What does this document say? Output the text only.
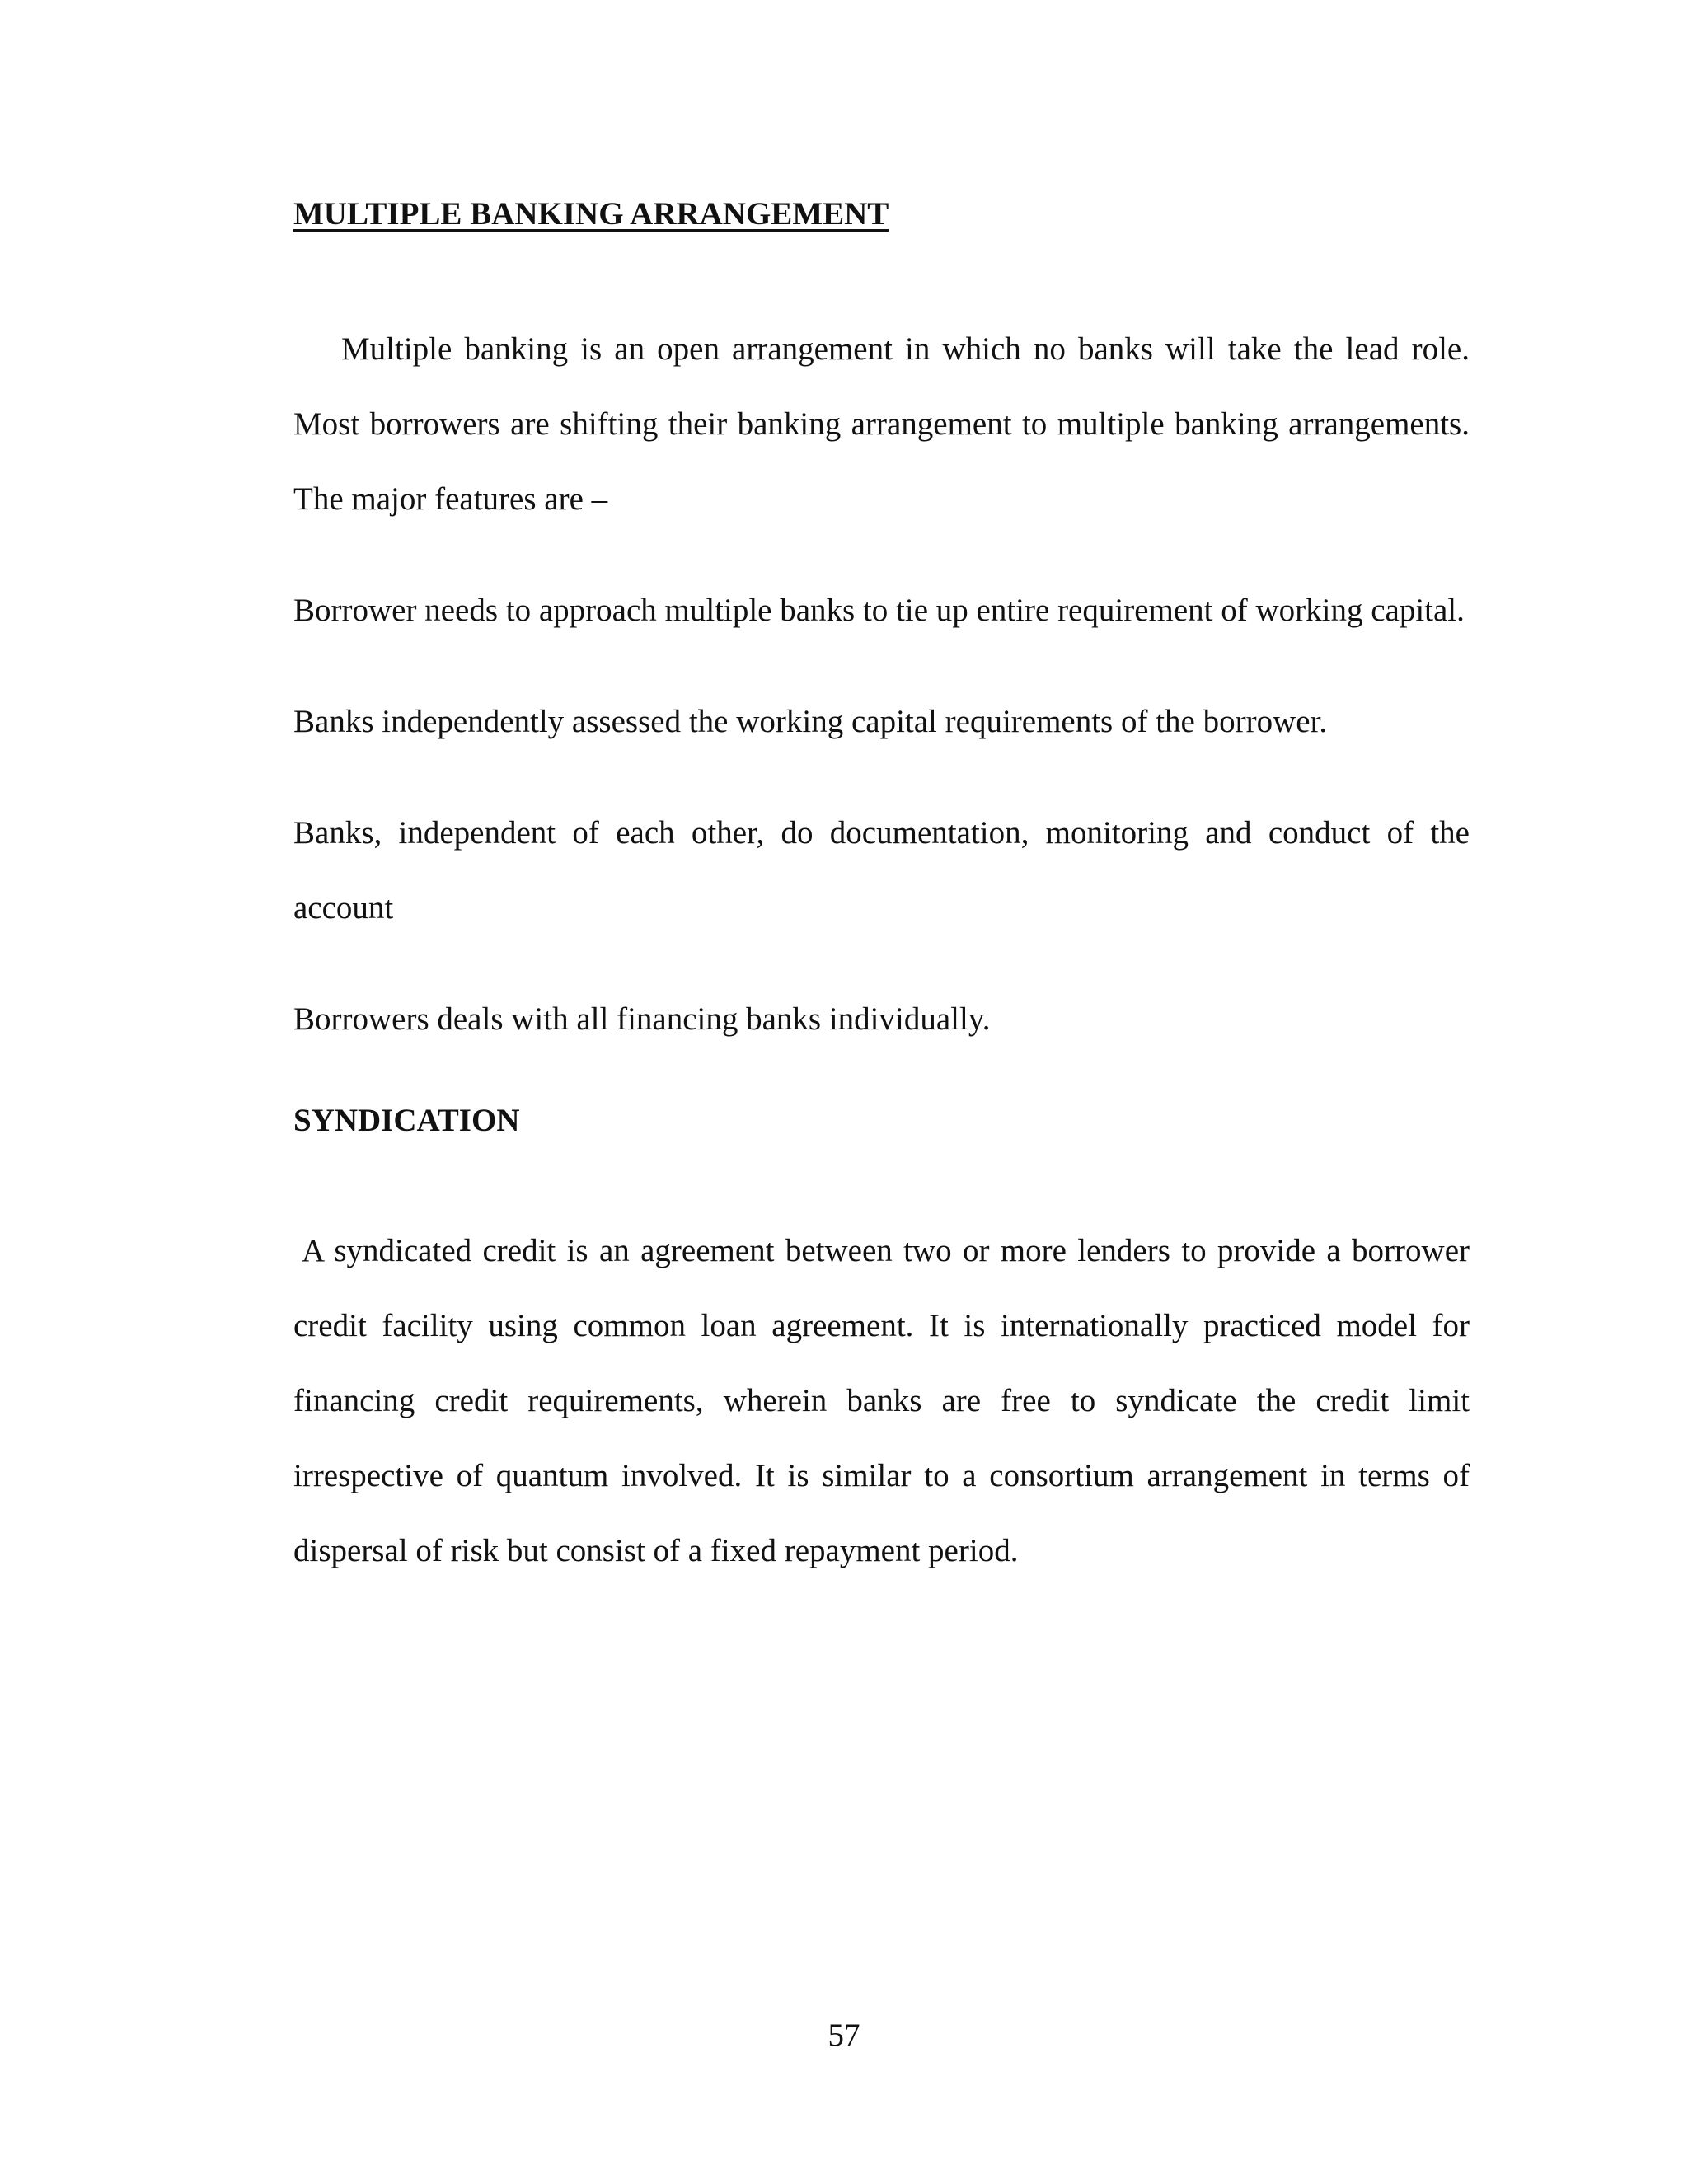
MULTIPLE BANKING ARRANGEMENT

Multiple banking is an open arrangement in which no banks will take the lead role. Most borrowers are shifting their banking arrangement to multiple banking arrangements. The major features are –

Borrower needs to approach multiple banks to tie up entire requirement of working capital.

Banks independently assessed the working capital requirements of the borrower.

Banks, independent of each other, do documentation, monitoring and conduct of the account

Borrowers deals with all financing banks individually.

SYNDICATION

A syndicated credit is an agreement between two or more lenders to provide a borrower credit facility using common loan agreement. It is internationally practiced model for financing credit requirements, wherein banks are free to syndicate the credit limit irrespective of quantum involved. It is similar to a consortium arrangement in terms of dispersal of risk but consist of a fixed repayment period.

57
